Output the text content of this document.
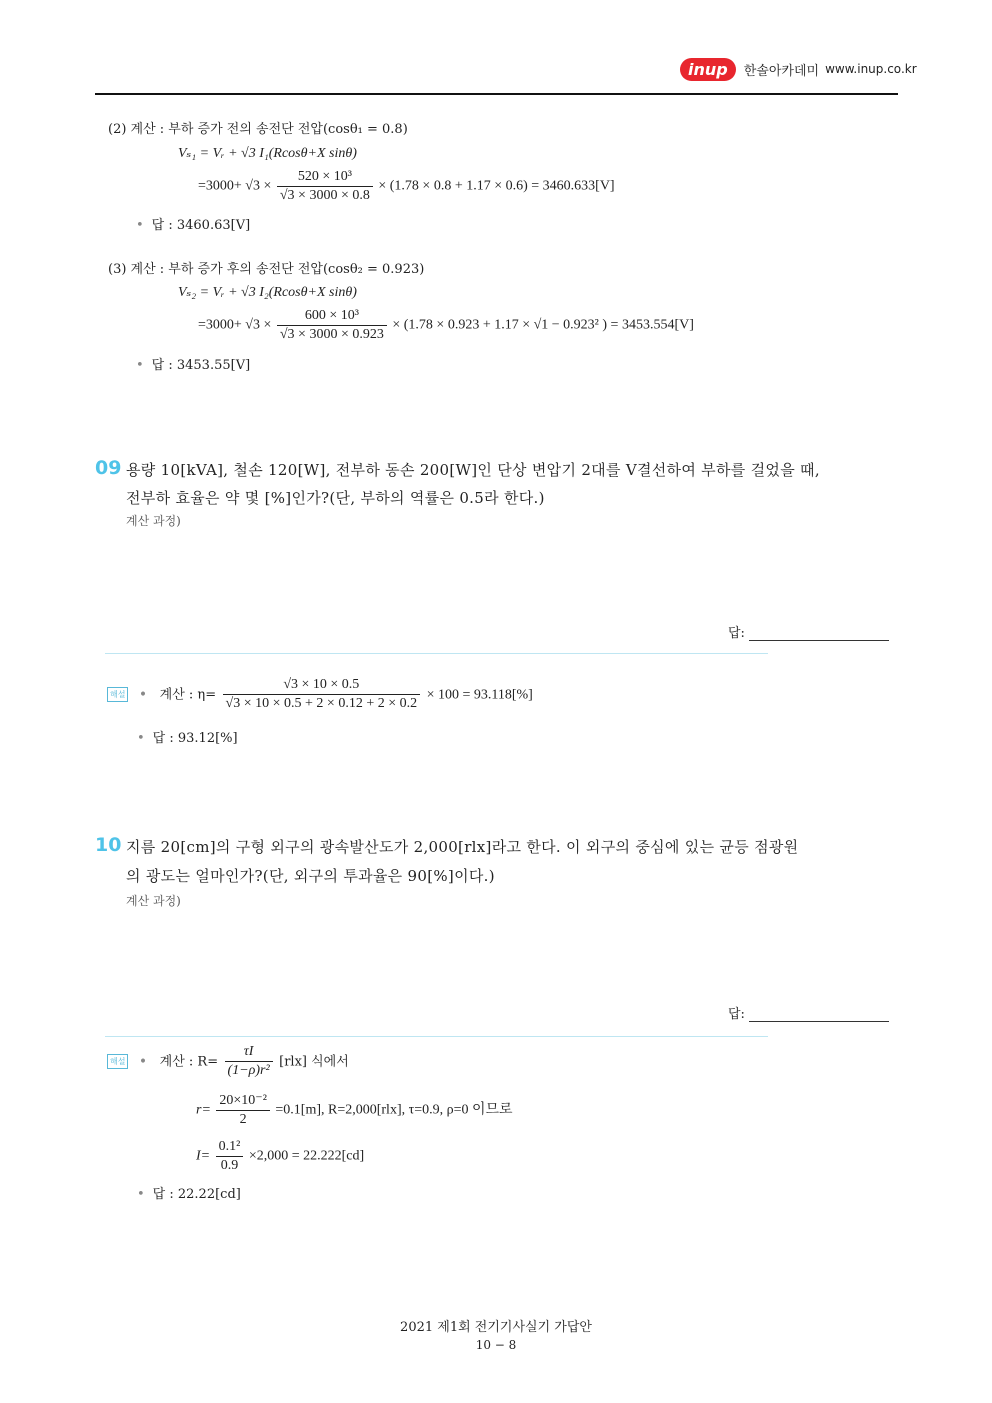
inup	한솔아카데미 www.inup.co.kr
(2) 계산 : 부하 증가 전의 송전단 전압(cosθ₁ = 0.8)
Vₛ₁ = Vᵣ + √3 I₁(Rcosθ+X sinθ)
$=3000+ √3 \times \frac{\text{520 × 10³}}{√3 \times 3000 \times 0.8} \times (1.78 \times 0.8 + 1.17 \times 0.6) = 3460.633[V]$
• 답 : 3460.63[V]
(3) 계산 : 부하 증가 후의 송전단 전압(cosθ₂ = 0.923)
Vₛ₂ = Vᵣ + √3 I₂(Rcosθ+X sinθ)
$=3000+ √3 \times \frac{\text{600 × 10³}}{√3 \times 3000 \times 0.923} \times (1.78 \times 0.923 + 1.17 \times √1 - 0.923^2$ ) = 3453.554[V]
• 답 : 3453.55[V]
09 용량 10[kVA], 철손 120[W], 전부하 동손 200[W]인 단상 변압기 2대를 V결선하여 부하를 걸었을 때,
전부하 효율은 약 몇 [%]인가?(단, 부하의 역률은 0.5라 한다.)
계산 과정)
답:
해설 • 계산 : $\eta= \frac{√3 \times 10 \times 0.5}{√3 \times 10 \times 0.5 + 2 \times 0.12 + 2 \times 0.2} \times 100 = 93.118[\%]$
• 답 : 93.12[%]
10 지름 20[cm]의 구형 외구의 광속발산도가 2,000[rlx]라고 한다. 이 외구의 중심에 있는 균등 점광원
의 광도는 얼마인가?(단, 외구의 투과율은 90[%]이다.)
계산 과정)
답:
해설 • 계산 : $R= \frac{\tau I}{\text{(1−ρ)r²}} [rlx]$ 식에서
$r= \frac{\text{20×10⁻²}}{2} =0.1[m]$, R=2,000[rlx], τ=0.9, ρ=0 이므로
$I= \frac{\text{0.1²}}{0.9} \times 2,000 = 22.222[cd]$
• 답 : 22.22[cd]
2021 제1회 전기기사실기 가답안
10 − 8
